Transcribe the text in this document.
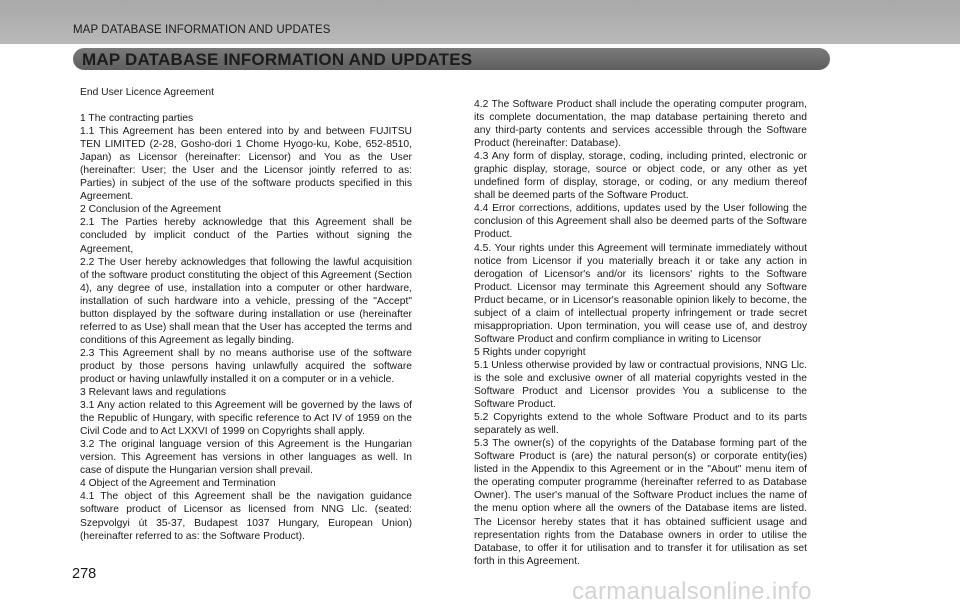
MAP DATABASE INFORMATION AND UPDATES
MAP DATABASE INFORMATION AND UPDATES

End User Licence Agreement

1 The contracting parties

1.1 This Agreement has been entered into by and between FUJITSU TEN LIMITED (2-28, Gosho-dori 1 Chome Hyogo-ku, Kobe, 652-8510, Japan) as Licensor (hereinafter: Licensor) and You as the User (hereinafter: User; the User and the Licensor jointly referred to as: Parties) in subject of the use of the software products specified in this Agreement.

2 Conclusion of the Agreement

2.1 The Parties hereby acknowledge that this Agreement shall be concluded by implicit conduct of the Parties without signing the Agreement,

2.2 The User hereby acknowledges that following the lawful acquisition of the software product constituting the object of this Agreement (Section 4), any degree of use, installation into a computer or other hardware, installation of such hardware into a vehicle, pressing of the "Accept" button displayed by the software during installation or use (hereinafter referred to as Use) shall mean that the User has accepted the terms and conditions of this Agreement as legally binding.

2.3 This Agreement shall by no means authorise use of the software product by those persons having unlawfully acquired the software product or having unlawfully installed it on a computer or in a vehicle.

3 Relevant laws and regulations

3.1 Any action related to this Agreement will be governed by the laws of the Republic of Hungary, with specific reference to Act IV of 1959 on the Civil Code and to Act LXXVI of 1999 on Copyrights shall apply.

3.2 The original language version of this Agreement is the Hungarian version. This Agreement has versions in other languages as well. In case of dispute the Hungarian version shall prevail.

4 Object of the Agreement and Termination

4.1 The object of this Agreement shall be the navigation guidance software product of Licensor as licensed from NNG Llc. (seated: Szepvolgyi út 35-37, Budapest 1037 Hungary, European Union) (hereinafter referred to as: the Software Product).

4.2 The Software Product shall include the operating computer program, its complete documentation, the map database pertaining thereto and any third-party contents and services accessible through the Software Product (hereinafter: Database).

4.3 Any form of display, storage, coding, including printed, electronic or graphic display, storage, source or object code, or any other as yet undefined form of display, storage, or coding, or any medium thereof shall be deemed parts of the Software Product.

4.4 Error corrections, additions, updates used by the User following the conclusion of this Agreement shall also be deemed parts of the Software Product.

4.5. Your rights under this Agreement will terminate immediately without notice from Licensor if you materially breach it or take any action in derogation of Licensor's and/or its licensors' rights to the Software Product. Licensor may terminate this Agreement should any Software Prduct became, or in Licensor's reasonable opinion likely to become, the subject of a claim of intellectual property infringement or trade secret misappropriation. Upon termination, you will cease use of, and destroy Software Product and confirm compliance in writing to Licensor

5 Rights under copyright

5.1 Unless otherwise provided by law or contractual provisions, NNG Llc. is the sole and exclusive owner of all material copyrights vested in the Software Product and Licensor provides You a sublicense to the Software Product.

5.2 Copyrights extend to the whole Software Product and to its parts separately as well.

5.3 The owner(s) of the copyrights of the Database forming part of the Software Product is (are) the natural person(s) or corporate entity(ies) listed in the Appendix to this Agreement or in the "About" menu item of the operating computer programme (hereinafter referred to as Database Owner). The user's manual of the Software Product inclues the name of the menu option where all the owners of the Database items are listed. The Licensor hereby states that it has obtained sufficient usage and representation rights from the Database owners in order to utilise the Database, to offer it for utilisation and to transfer it for utilisation as set forth in this Agreement.

278
carmanualsonline.info
